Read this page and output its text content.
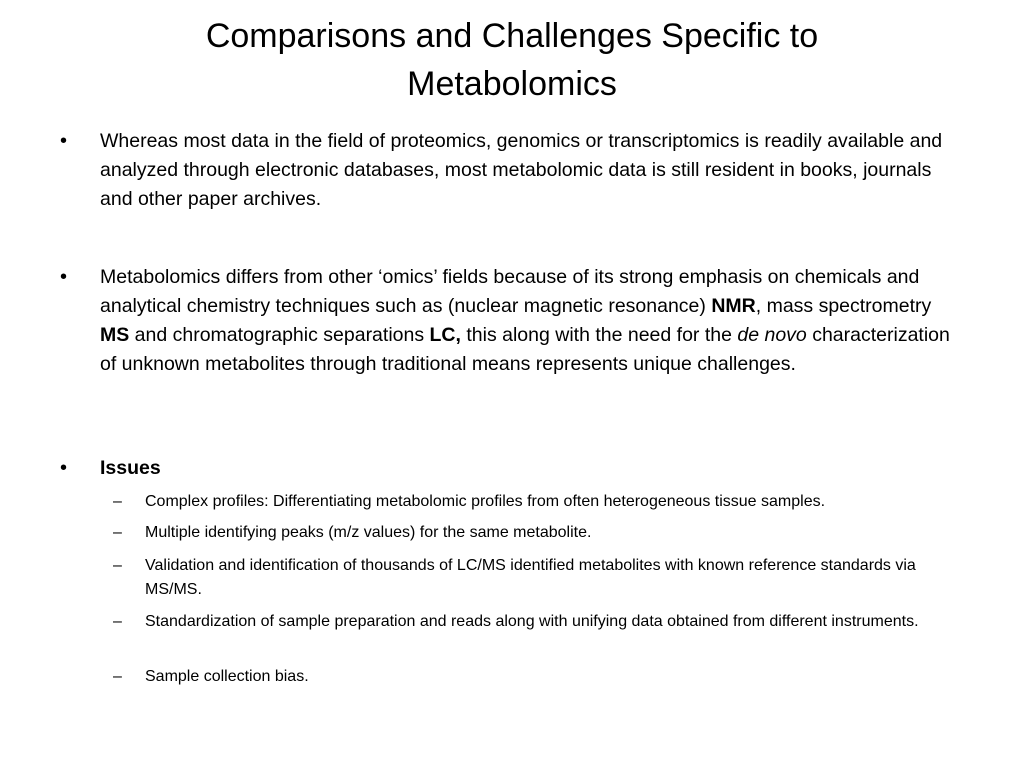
Comparisons and Challenges Specific to Metabolomics
• Whereas most data in the field of proteomics, genomics or transcriptomics is readily available and analyzed through electronic databases, most metabolomic data is still resident in books, journals and other paper archives.
• Metabolomics differs from other ‘omics’ fields because of its strong emphasis on chemicals and analytical chemistry techniques such as (nuclear magnetic resonance) NMR, mass spectrometry MS and chromatographic separations LC, this along with the need for the de novo characterization of unknown metabolites through traditional means represents unique challenges.
• Issues
– Complex profiles: Differentiating metabolomic profiles from often heterogeneous tissue samples.
– Multiple identifying peaks (m/z values) for the same metabolite.
– Validation and identification of thousands of LC/MS identified metabolites with known reference standards via MS/MS.
– Standardization of sample preparation and reads along with unifying data obtained from different instruments.
– Sample collection bias.
